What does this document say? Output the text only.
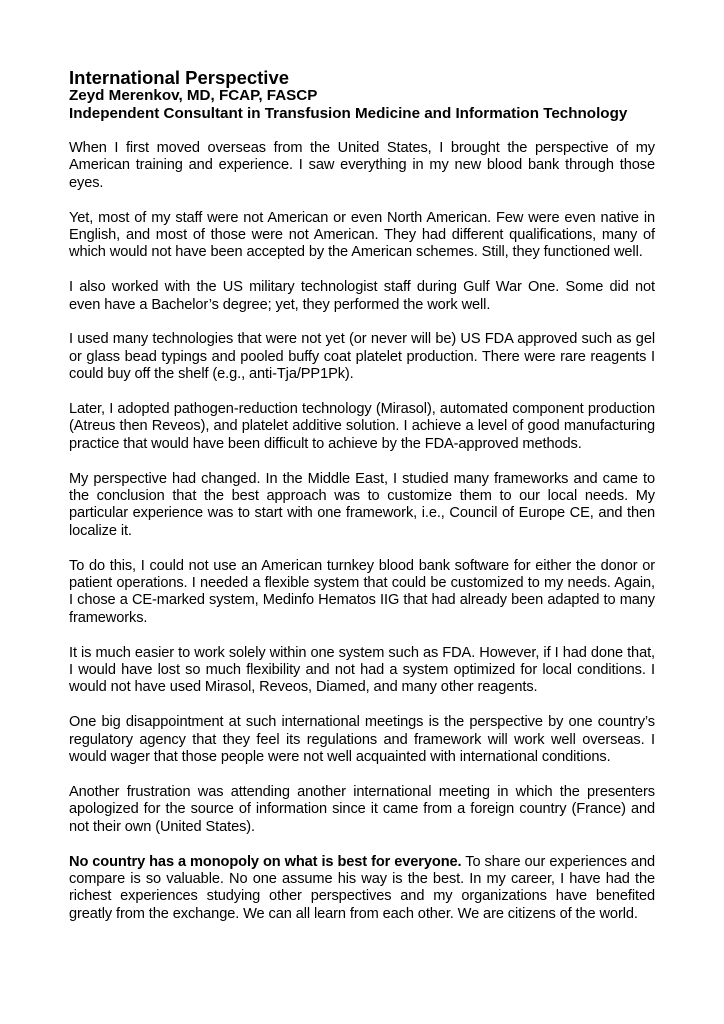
International Perspective
Zeyd Merenkov, MD, FCAP, FASCP
Independent Consultant in Transfusion Medicine and Information Technology

When I first moved overseas from the United States, I brought the perspective of my American training and experience. I saw everything in my new blood bank through those eyes.

Yet, most of my staff were not American or even North American. Few were even native in English, and most of those were not American. They had different qualifications, many of which would not have been accepted by the American schemes. Still, they functioned well.

I also worked with the US military technologist staff during Gulf War One. Some did not even have a Bachelor’s degree; yet, they performed the work well.

I used many technologies that were not yet (or never will be) US FDA approved such as gel or glass bead typings and pooled buffy coat platelet production. There were rare reagents I could buy off the shelf (e.g., anti-Tja/PP1Pk).

Later, I adopted pathogen-reduction technology (Mirasol), automated component production (Atreus then Reveos), and platelet additive solution. I achieve a level of good manufacturing practice that would have been difficult to achieve by the FDA-approved methods.

My perspective had changed. In the Middle East, I studied many frameworks and came to the conclusion that the best approach was to customize them to our local needs. My particular experience was to start with one framework, i.e., Council of Europe CE, and then localize it.

To do this, I could not use an American turnkey blood bank software for either the donor or patient operations. I needed a flexible system that could be customized to my needs. Again, I chose a CE-marked system, Medinfo Hematos IIG that had already been adapted to many frameworks.

It is much easier to work solely within one system such as FDA. However, if I had done that, I would have lost so much flexibility and not had a system optimized for local conditions. I would not have used Mirasol, Reveos, Diamed, and many other reagents.

One big disappointment at such international meetings is the perspective by one country’s regulatory agency that they feel its regulations and framework will work well overseas. I would wager that those people were not well acquainted with international conditions.

Another frustration was attending another international meeting in which the presenters apologized for the source of information since it came from a foreign country (France) and not their own (United States).

No country has a monopoly on what is best for everyone. To share our experiences and compare is so valuable. No one assume his way is the best. In my career, I have had the richest experiences studying other perspectives and my organizations have benefited greatly from the exchange. We can all learn from each other. We are citizens of the world.
